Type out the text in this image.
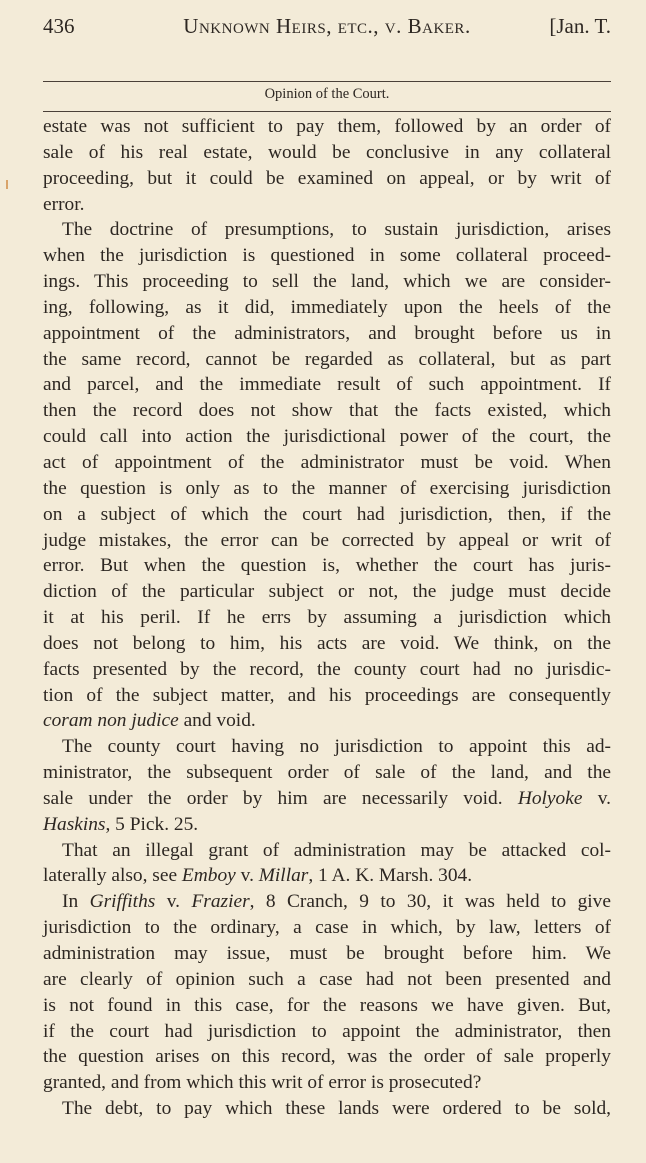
436	Unknown Heirs, etc., v. Baker.	[Jan. T.
Opinion of the Court.
estate was not sufficient to pay them, followed by an order of
sale of his real estate, would be conclusive in any collateral
proceeding, but it could be examined on appeal, or by writ of
error.
The doctrine of presumptions, to sustain jurisdiction, arises
when the jurisdiction is questioned in some collateral proceed-
ings. This proceeding to sell the land, which we are consider-
ing, following, as it did, immediately upon the heels of the
appointment of the administrators, and brought before us in
the same record, cannot be regarded as collateral, but as part
and parcel, and the immediate result of such appointment. If
then the record does not show that the facts existed, which
could call into action the jurisdictional power of the court, the
act of appointment of the administrator must be void. When
the question is only as to the manner of exercising jurisdiction
on a subject of which the court had jurisdiction, then, if the
judge mistakes, the error can be corrected by appeal or writ of
error. But when the question is, whether the court has juris-
diction of the particular subject or not, the judge must decide
it at his peril. If he errs by assuming a jurisdiction which
does not belong to him, his acts are void. We think, on the
facts presented by the record, the county court had no jurisdic-
tion of the subject matter, and his proceedings are consequently
coram non judice and void.
The county court having no jurisdiction to appoint this ad-
ministrator, the subsequent order of sale of the land, and the
sale under the order by him are necessarily void. Holyoke v.
Haskins, 5 Pick. 25.
That an illegal grant of administration may be attacked col-
laterally also, see Emboy v. Millar, 1 A. K. Marsh. 304.
In Griffiths v. Frazier, 8 Cranch, 9 to 30, it was held to give
jurisdiction to the ordinary, a case in which, by law, letters of
administration may issue, must be brought before him. We
are clearly of opinion such a case had not been presented and
is not found in this case, for the reasons we have given. But,
if the court had jurisdiction to appoint the administrator, then
the question arises on this record, was the order of sale properly
granted, and from which this writ of error is prosecuted?
The debt, to pay which these lands were ordered to be sold,
